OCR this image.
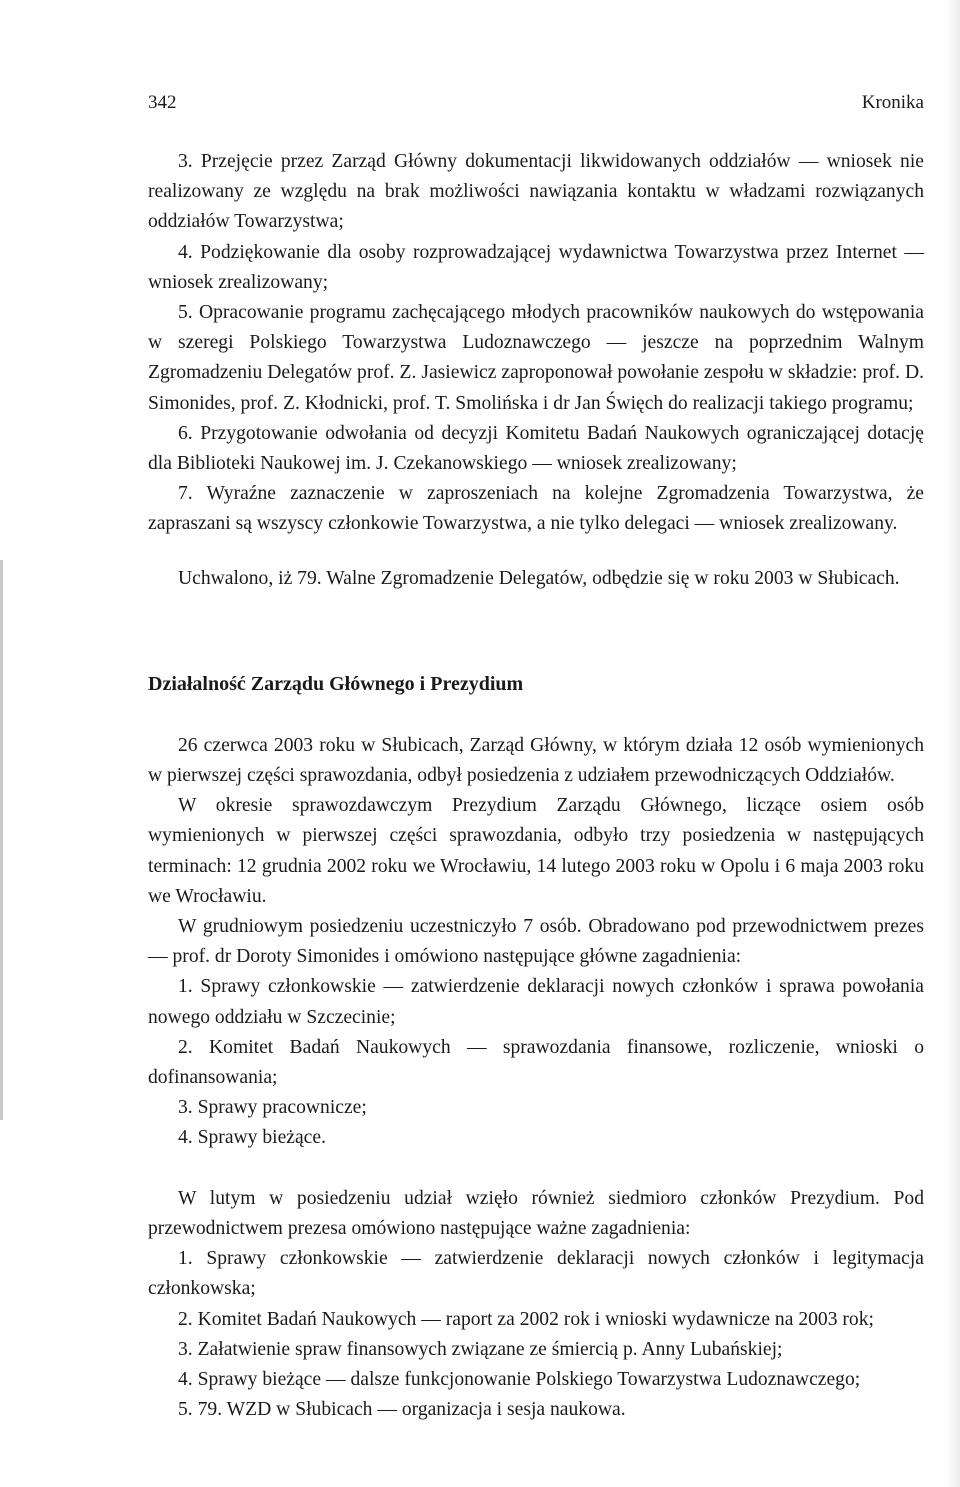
342	Kronika

3. Przejęcie przez Zarząd Główny dokumentacji likwidowanych oddziałów — wniosek nie realizowany ze względu na brak możliwości nawiązania kontaktu w władzami rozwiązanych oddziałów Towarzystwa;

4. Podziękowanie dla osoby rozprowadzającej wydawnictwa Towarzystwa przez Internet — wniosek zrealizowany;

5. Opracowanie programu zachęcającego młodych pracowników naukowych do wstępowania w szeregi Polskiego Towarzystwa Ludoznawczego — jeszcze na poprzednim Walnym Zgromadzeniu Delegatów prof. Z. Jasiewicz zaproponował powołanie zespołu w składzie: prof. D. Simonides, prof. Z. Kłodnicki, prof. T. Smolińska i dr Jan Święch do realizacji takiego programu;

6. Przygotowanie odwołania od decyzji Komitetu Badań Naukowych ograniczającej dotację dla Biblioteki Naukowej im. J. Czekanowskiego — wniosek zrealizowany;

7. Wyraźne zaznaczenie w zaproszeniach na kolejne Zgromadzenia Towarzystwa, że zapraszani są wszyscy członkowie Towarzystwa, a nie tylko delegaci — wniosek zrealizowany.

Uchwalono, iż 79. Walne Zgromadzenie Delegatów, odbędzie się w roku 2003 w Słubicach.

Działalność Zarządu Głównego i Prezydium

26 czerwca 2003 roku w Słubicach, Zarząd Główny, w którym działa 12 osób wymienionych w pierwszej części sprawozdania, odbył posiedzenia z udziałem przewodniczących Oddziałów.

W okresie sprawozdawczym Prezydium Zarządu Głównego, liczące osiem osób wymienionych w pierwszej części sprawozdania, odbyło trzy posiedzenia w następujących terminach: 12 grudnia 2002 roku we Wrocławiu, 14 lutego 2003 roku w Opolu i 6 maja 2003 roku we Wrocławiu.

W grudniowym posiedzeniu uczestniczyło 7 osób. Obradowano pod przewodnictwem prezes — prof. dr Doroty Simonides i omówiono następujące główne zagadnienia:

1. Sprawy członkowskie — zatwierdzenie deklaracji nowych członków i sprawa powołania nowego oddziału w Szczecinie;

2. Komitet Badań Naukowych — sprawozdania finansowe, rozliczenie, wnioski o dofinansowania;

3. Sprawy pracownicze;

4. Sprawy bieżące.

W lutym w posiedzeniu udział wzięło również siedmioro członków Prezydium. Pod przewodnictwem prezesa omówiono następujące ważne zagadnienia:

1. Sprawy członkowskie — zatwierdzenie deklaracji nowych członków i legitymacja członkowska;

2. Komitet Badań Naukowych — raport za 2002 rok i wnioski wydawnicze na 2003 rok;

3. Załatwienie spraw finansowych związane ze śmiercią p. Anny Lubańskiej;

4. Sprawy bieżące — dalsze funkcjonowanie Polskiego Towarzystwa Ludoznawczego;

5. 79. WZD w Słubicach — organizacja i sesja naukowa.
